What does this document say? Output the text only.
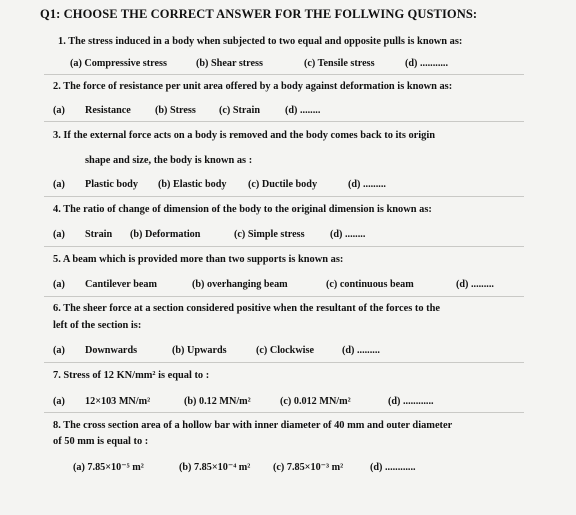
Q1: CHOOSE THE CORRECT ANSWER FOR THE FOLLWING QUSTIONS:
1. The stress induced in a body when subjected to two equal and opposite pulls is known as:
(a) Compressive stress	(b) Shear stress	(c) Tensile stress	(d) ...........
2. The force of resistance per unit area offered by a body against deformation is known as:
(a) Resistance (b) Stress (c) Strain (d) ........
3. If the external force acts on a body is removed and the body comes back to its origin
shape and size, the body is known as :
(a) Plastic body (b) Elastic body (c) Ductile body	(d) .........
4. The ratio of change of dimension of the body to the original dimension is known as:
(a) Strain (b) Deformation	(c) Simple stress (d) ........
5. A beam which is provided more than two supports is known as:
(a) Cantilever beam	(b) overhanging beam	(c) continuous beam	(d) .........
6. The sheer force at a section considered positive when the resultant of the forces to the
left of the section is:
(a) Downwards	(b) Upwards	(c) Clockwise	(d) .........
7. Stress of 12 KN/mm² is equal to :
(a) 12×103 MN/m²	(b) 0.12 MN/m²	(c) 0.012 MN/m²	(d) ............
8. The cross section area of a hollow bar with inner diameter of 40 mm and outer diameter
of 50 mm is equal to :
(a) 7.85×10⁻⁵ m²	(b) 7.85×10⁻⁴ m² (c) 7.85×10⁻³ m²	(d) ............
